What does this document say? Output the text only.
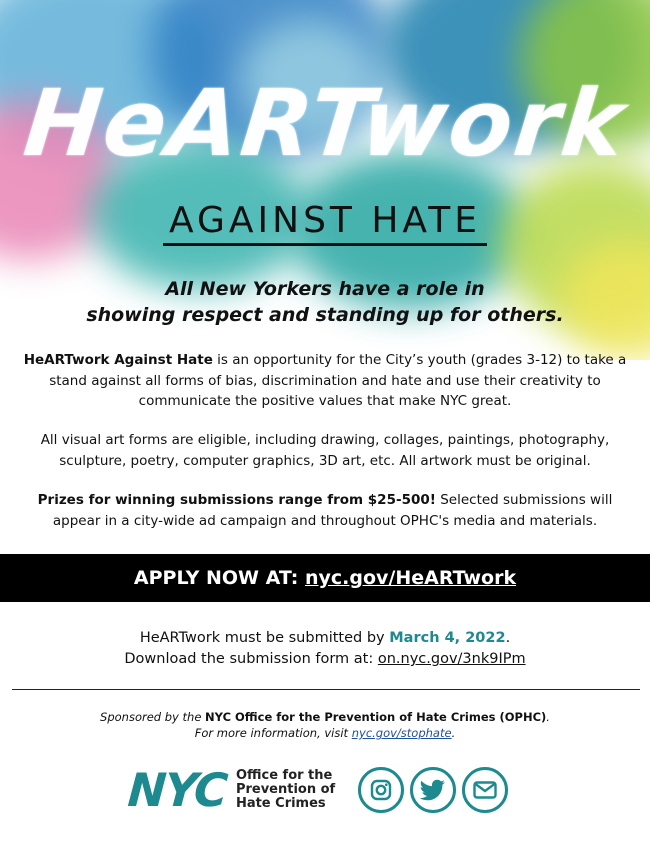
HeARTwork
AGAINST HATE
All New Yorkers have a role in
showing respect and standing up for others.
HeARTwork Against Hate is an opportunity for the City’s youth (grades 3-12) to take a stand against all forms of bias, discrimination and hate and use their creativity to communicate the positive values that make NYC great.
All visual art forms are eligible, including drawing, collages, paintings, photography, sculpture, poetry, computer graphics, 3D art, etc. All artwork must be original.
Prizes for winning submissions range from $25-500! Selected submissions will appear in a city-wide ad campaign and throughout OPHC's media and materials.
APPLY NOW AT: nyc.gov/HeARTwork
HeARTwork must be submitted by March 4, 2022.
Download the submission form at: on.nyc.gov/3nk9IPm
Sponsored by the NYC Office for the Prevention of Hate Crimes (OPHC).
For more information, visit nyc.gov/stophate.
NYC Office for the
Prevention of
Hate Crimes
